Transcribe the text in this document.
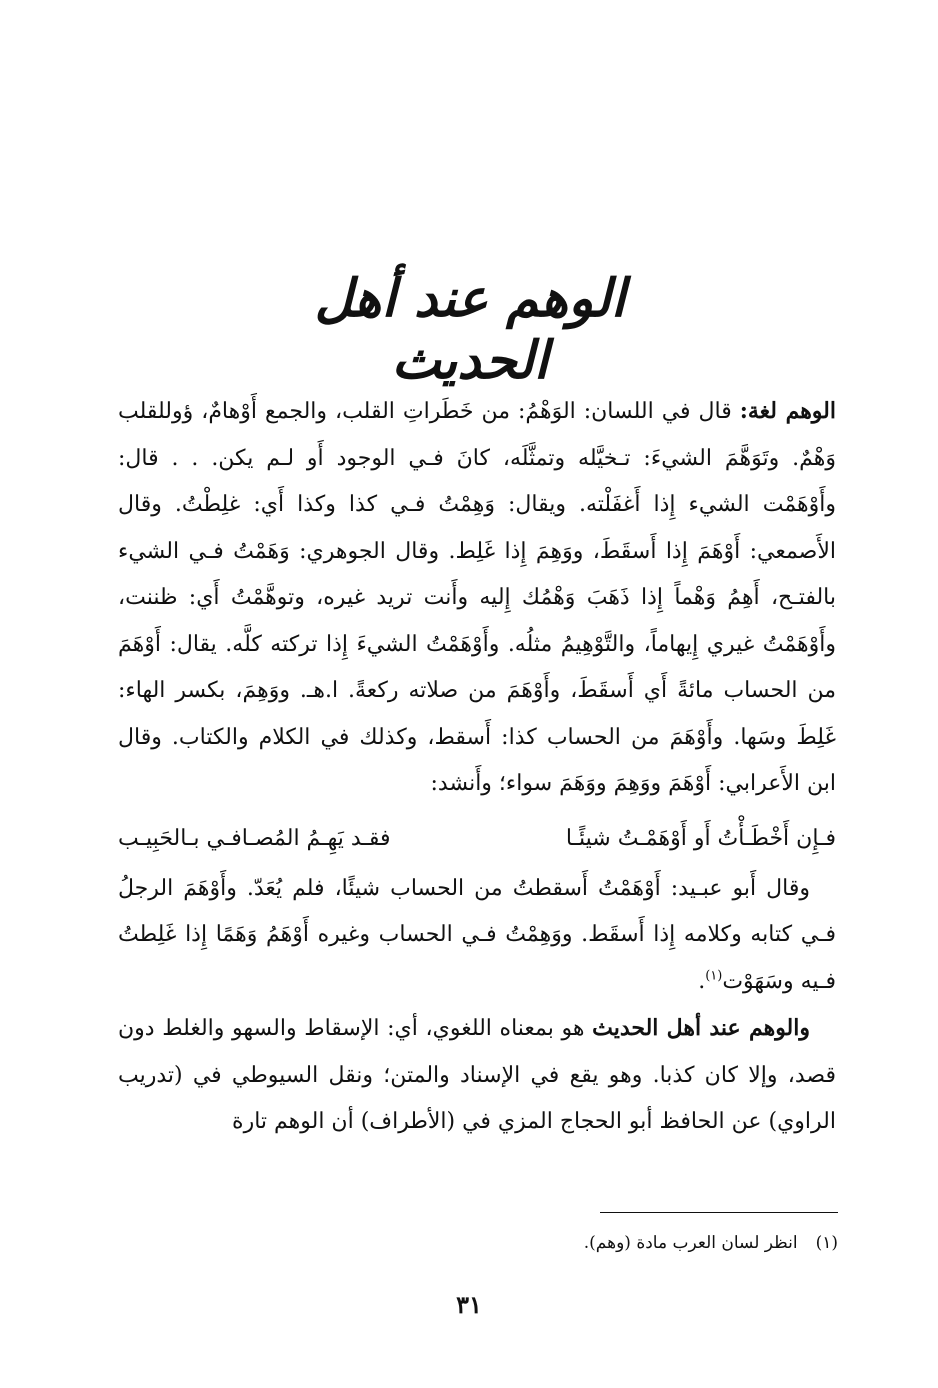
الوهم عند أهل الحديث

الوهم لغة: قال في اللسان: الوَهْمُ: من خَطَراتِ القلب، والجمع أَوْهامٌ، ؤوللقلب وَهْمٌ. وتَوَهَّمَ الشيءَ: تـخيَّله وتمثَّلَه، كانَ فـي الوجود أَو لـم يكن. . . قال: وأَوْهَمْت الشيء إِذا أَغفَلْته. ويقال: وَهِمْتُ فـي كذا وكذا أَي: غلِطْتُ. وقال الأَصمعي: أَوْهَمَ إِذا أَسقَطَ، ووَهِمَ إِذا غَلِط. وقال الجوهري: وَهَمْتُ فـي الشيء بالفتـح، أَهِمُ وَهْماً إِذا ذَهَبَ وَهْمُك إِليه وأَنت تريد غيره، وتوهَّمْتُ أَي: ظننت، وأَوْهَمْتُ غيري إِيهاماً، والتَّوْهِيمُ مثلُه. وأَوْهَمْتُ الشيءَ إِذا تركته كلَّه. يقال: أَوْهَمَ من الحساب مائةً أَي أَسقَطَ، وأَوْهَمَ من صلاته ركعةً. ا.هـ. ووَهِمَ، بكسر الهاء: غَلِطَ وسَها. وأَوْهَمَ من الحساب كذا: أَسقط، وكذلك في الكلام والكتاب. وقال ابن الأَعرابي: أَوْهَمَ ووَهِمَ ووَهَمَ سواء؛ وأَنشد:

فـإِن أَخْطَـأْتُ أَو أَوْهَمْـتُ شيئًـا
فقـد يَهِـمُ المُصـافـي بـالحَبِيـب

وقال أَبو عبـيد: أَوْهَمْتُ أَسقطتُ من الحساب شيئًا، فلم يُعَدّ. وأَوْهَمَ الرجلُ فـي كتابه وكلامه إِذا أَسقَط. ووَهِمْتُ فـي الحساب وغيره أَوْهَمُ وَهَمًا إِذا غَلِطتُ فـيه وسَهَوْت$^{(١)}$.

والوهم عند أهل الحديث هو بمعناه اللغوي، أي: الإسقاط والسهو والغلط دون قصد، وإلا كان كذبا. وهو يقع في الإسناد والمتن؛ ونقل السيوطي في (تدريب الراوي) عن الحافظ أبو الحجاج المزي في (الأطراف) أن الوهم تارة

(١)انظر لسان العرب مادة (وهم).
٣١
